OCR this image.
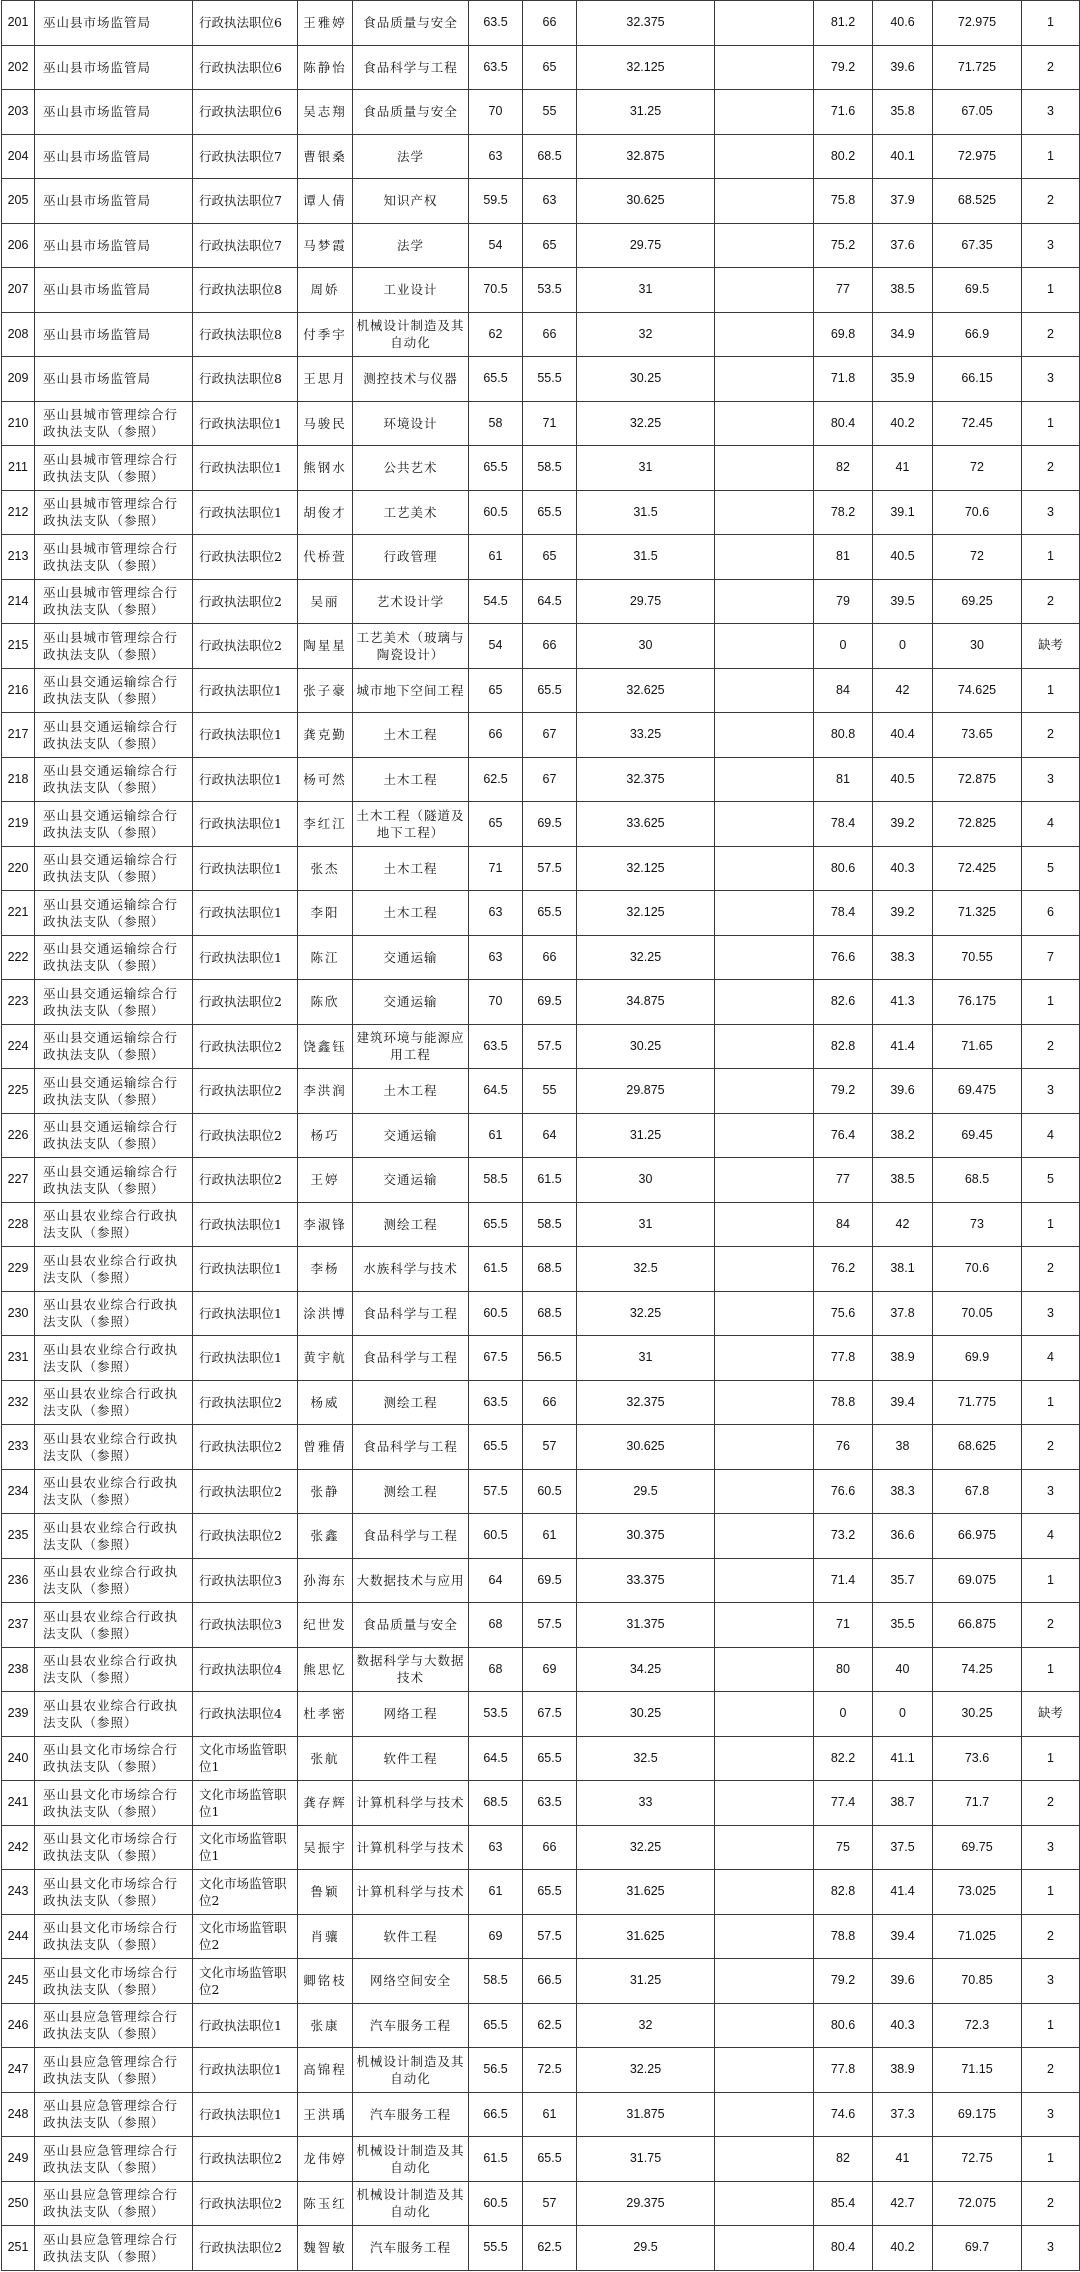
201	巫山县市场监管局	行政执法职位6	王雅婷	食品质量与安全	63.5	66	32.375		81.2	40.6	72.975	1
202	巫山县市场监管局	行政执法职位6	陈静怡	食品科学与工程	63.5	65	32.125		79.2	39.6	71.725	2
203	巫山县市场监管局	行政执法职位6	吴志翔	食品质量与安全	70	55	31.25		71.6	35.8	67.05	3
204	巫山县市场监管局	行政执法职位7	曹银桑	法学	63	68.5	32.875		80.2	40.1	72.975	1
205	巫山县市场监管局	行政执法职位7	谭人倩	知识产权	59.5	63	30.625		75.8	37.9	68.525	2
206	巫山县市场监管局	行政执法职位7	马梦霞	法学	54	65	29.75		75.2	37.6	67.35	3
207	巫山县市场监管局	行政执法职位8	周娇	工业设计	70.5	53.5	31		77	38.5	69.5	1
208	巫山县市场监管局	行政执法职位8	付季宇	机械设计制造及其自动化	62	66	32		69.8	34.9	66.9	2
209	巫山县市场监管局	行政执法职位8	王思月	测控技术与仪器	65.5	55.5	30.25		71.8	35.9	66.15	3
210	巫山县城市管理综合行政执法支队（参照）	行政执法职位1	马骏民	环境设计	58	71	32.25		80.4	40.2	72.45	1
211	巫山县城市管理综合行政执法支队（参照）	行政执法职位1	熊钢水	公共艺术	65.5	58.5	31		82	41	72	2
212	巫山县城市管理综合行政执法支队（参照）	行政执法职位1	胡俊才	工艺美术	60.5	65.5	31.5		78.2	39.1	70.6	3
213	巫山县城市管理综合行政执法支队（参照）	行政执法职位2	代桥萱	行政管理	61	65	31.5		81	40.5	72	1
214	巫山县城市管理综合行政执法支队（参照）	行政执法职位2	吴丽	艺术设计学	54.5	64.5	29.75		79	39.5	69.25	2
215	巫山县城市管理综合行政执法支队（参照）	行政执法职位2	陶星星	工艺美术（玻璃与陶瓷设计）	54	66	30		0	0	30	缺考
216	巫山县交通运输综合行政执法支队（参照）	行政执法职位1	张子豪	城市地下空间工程	65	65.5	32.625		84	42	74.625	1
217	巫山县交通运输综合行政执法支队（参照）	行政执法职位1	龚克勤	土木工程	66	67	33.25		80.8	40.4	73.65	2
218	巫山县交通运输综合行政执法支队（参照）	行政执法职位1	杨可然	土木工程	62.5	67	32.375		81	40.5	72.875	3
219	巫山县交通运输综合行政执法支队（参照）	行政执法职位1	李红江	土木工程（隧道及地下工程）	65	69.5	33.625		78.4	39.2	72.825	4
220	巫山县交通运输综合行政执法支队（参照）	行政执法职位1	张杰	土木工程	71	57.5	32.125		80.6	40.3	72.425	5
221	巫山县交通运输综合行政执法支队（参照）	行政执法职位1	李阳	土木工程	63	65.5	32.125		78.4	39.2	71.325	6
222	巫山县交通运输综合行政执法支队（参照）	行政执法职位1	陈江	交通运输	63	66	32.25		76.6	38.3	70.55	7
223	巫山县交通运输综合行政执法支队（参照）	行政执法职位2	陈欣	交通运输	70	69.5	34.875		82.6	41.3	76.175	1
224	巫山县交通运输综合行政执法支队（参照）	行政执法职位2	饶鑫钰	建筑环境与能源应用工程	63.5	57.5	30.25		82.8	41.4	71.65	2
225	巫山县交通运输综合行政执法支队（参照）	行政执法职位2	李洪润	土木工程	64.5	55	29.875		79.2	39.6	69.475	3
226	巫山县交通运输综合行政执法支队（参照）	行政执法职位2	杨巧	交通运输	61	64	31.25		76.4	38.2	69.45	4
227	巫山县交通运输综合行政执法支队（参照）	行政执法职位2	王婷	交通运输	58.5	61.5	30		77	38.5	68.5	5
228	巫山县农业综合行政执法支队（参照）	行政执法职位1	李淑锋	测绘工程	65.5	58.5	31		84	42	73	1
229	巫山县农业综合行政执法支队（参照）	行政执法职位1	李杨	水族科学与技术	61.5	68.5	32.5		76.2	38.1	70.6	2
230	巫山县农业综合行政执法支队（参照）	行政执法职位1	涂洪博	食品科学与工程	60.5	68.5	32.25		75.6	37.8	70.05	3
231	巫山县农业综合行政执法支队（参照）	行政执法职位1	黄宇航	食品科学与工程	67.5	56.5	31		77.8	38.9	69.9	4
232	巫山县农业综合行政执法支队（参照）	行政执法职位2	杨威	测绘工程	63.5	66	32.375		78.8	39.4	71.775	1
233	巫山县农业综合行政执法支队（参照）	行政执法职位2	曾雅倩	食品科学与工程	65.5	57	30.625		76	38	68.625	2
234	巫山县农业综合行政执法支队（参照）	行政执法职位2	张静	测绘工程	57.5	60.5	29.5		76.6	38.3	67.8	3
235	巫山县农业综合行政执法支队（参照）	行政执法职位2	张鑫	食品科学与工程	60.5	61	30.375		73.2	36.6	66.975	4
236	巫山县农业综合行政执法支队（参照）	行政执法职位3	孙海东	大数据技术与应用	64	69.5	33.375		71.4	35.7	69.075	1
237	巫山县农业综合行政执法支队（参照）	行政执法职位3	纪世发	食品质量与安全	68	57.5	31.375		71	35.5	66.875	2
238	巫山县农业综合行政执法支队（参照）	行政执法职位4	熊思忆	数据科学与大数据技术	68	69	34.25		80	40	74.25	1
239	巫山县农业综合行政执法支队（参照）	行政执法职位4	杜孝密	网络工程	53.5	67.5	30.25		0	0	30.25	缺考
240	巫山县文化市场综合行政执法支队（参照）	文化市场监管职位1	张航	软件工程	64.5	65.5	32.5		82.2	41.1	73.6	1
241	巫山县文化市场综合行政执法支队（参照）	文化市场监管职位1	龚存辉	计算机科学与技术	68.5	63.5	33		77.4	38.7	71.7	2
242	巫山县文化市场综合行政执法支队（参照）	文化市场监管职位1	吴振宇	计算机科学与技术	63	66	32.25		75	37.5	69.75	3
243	巫山县文化市场综合行政执法支队（参照）	文化市场监管职位2	鲁颖	计算机科学与技术	61	65.5	31.625		82.8	41.4	73.025	1
244	巫山县文化市场综合行政执法支队（参照）	文化市场监管职位2	肖骧	软件工程	69	57.5	31.625		78.8	39.4	71.025	2
245	巫山县文化市场综合行政执法支队（参照）	文化市场监管职位2	卿铭枝	网络空间安全	58.5	66.5	31.25		79.2	39.6	70.85	3
246	巫山县应急管理综合行政执法支队（参照）	行政执法职位1	张康	汽车服务工程	65.5	62.5	32		80.6	40.3	72.3	1
247	巫山县应急管理综合行政执法支队（参照）	行政执法职位1	高锦程	机械设计制造及其自动化	56.5	72.5	32.25		77.8	38.9	71.15	2
248	巫山县应急管理综合行政执法支队（参照）	行政执法职位1	王洪瑀	汽车服务工程	66.5	61	31.875		74.6	37.3	69.175	3
249	巫山县应急管理综合行政执法支队（参照）	行政执法职位2	龙伟婷	机械设计制造及其自动化	61.5	65.5	31.75		82	41	72.75	1
250	巫山县应急管理综合行政执法支队（参照）	行政执法职位2	陈玉红	机械设计制造及其自动化	60.5	57	29.375		85.4	42.7	72.075	2
251	巫山县应急管理综合行政执法支队（参照）	行政执法职位2	魏智敏	汽车服务工程	55.5	62.5	29.5		80.4	40.2	69.7	3
